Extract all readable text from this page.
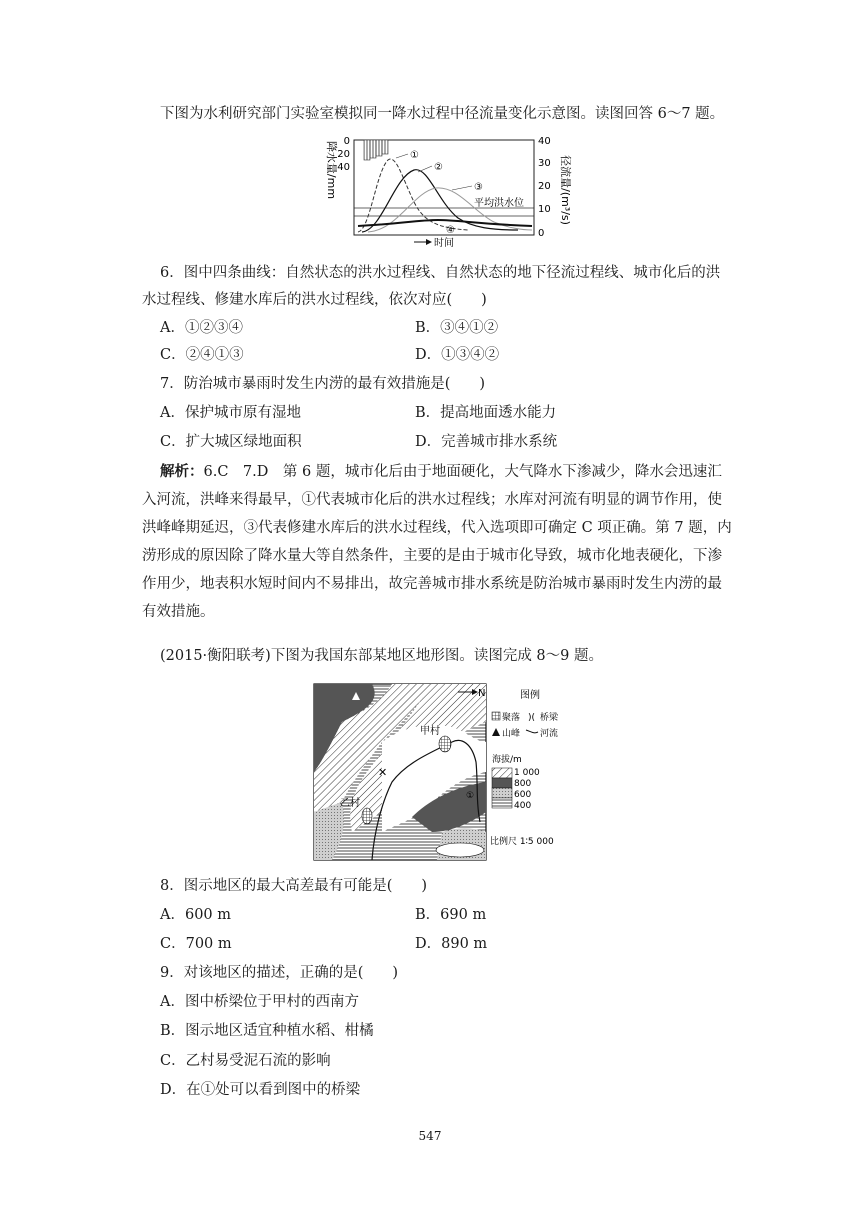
下图为水利研究部门实验室模拟同一降水过程中径流量变化示意图。读图回答 6～7 题。
降水量/mm 0
20
40
①
②
③
④
平均洪水位
时间
40
30
20
10
0
径流量/(m³/s)
6．图中四条曲线：自然状态的洪水过程线、自然状态的地下径流过程线、城市化后的洪
水过程线、修建水库后的洪水过程线，依次对应(　　)
A．①②③④	B．③④①②
C．②④①③	D．①③④②
7．防治城市暴雨时发生内涝的最有效措施是(　　)
A．保护城市原有湿地	B．提高地面透水能力
C．扩大城区绿地面积	D．完善城市排水系统
解析：6.C　7.D　第 6 题，城市化后由于地面硬化，大气降水下渗减少，降水会迅速汇
入河流，洪峰来得最早，①代表城市化后的洪水过程线；水库对河流有明显的调节作用，使
洪峰峰期延迟，③代表修建水库后的洪水过程线，代入选项即可确定 C 项正确。第 7 题，内
涝形成的原因除了降水量大等自然条件，主要的是由于城市化导致，城市化地表硬化，下渗
作用少，地表积水短时间内不易排出，故完善城市排水系统是防治城市暴雨时发生内涝的最
有效措施。
(2015·衡阳联考)下图为我国东部某地区地形图。读图完成 8～9 题。
甲村
乙村
✕
①
N	图例
聚落 )( 桥梁
山峰 河流
海拔/m
1 000
800
600
400
比例尺 1∶5 000
8．图示地区的最大高差最有可能是(　　)
A．600 m	B．690 m
C．700 m	D．890 m
9．对该地区的描述，正确的是(　　)
A．图中桥梁位于甲村的西南方
B．图示地区适宜种植水稻、柑橘
C．乙村易受泥石流的影响
D．在①处可以看到图中的桥梁
547
